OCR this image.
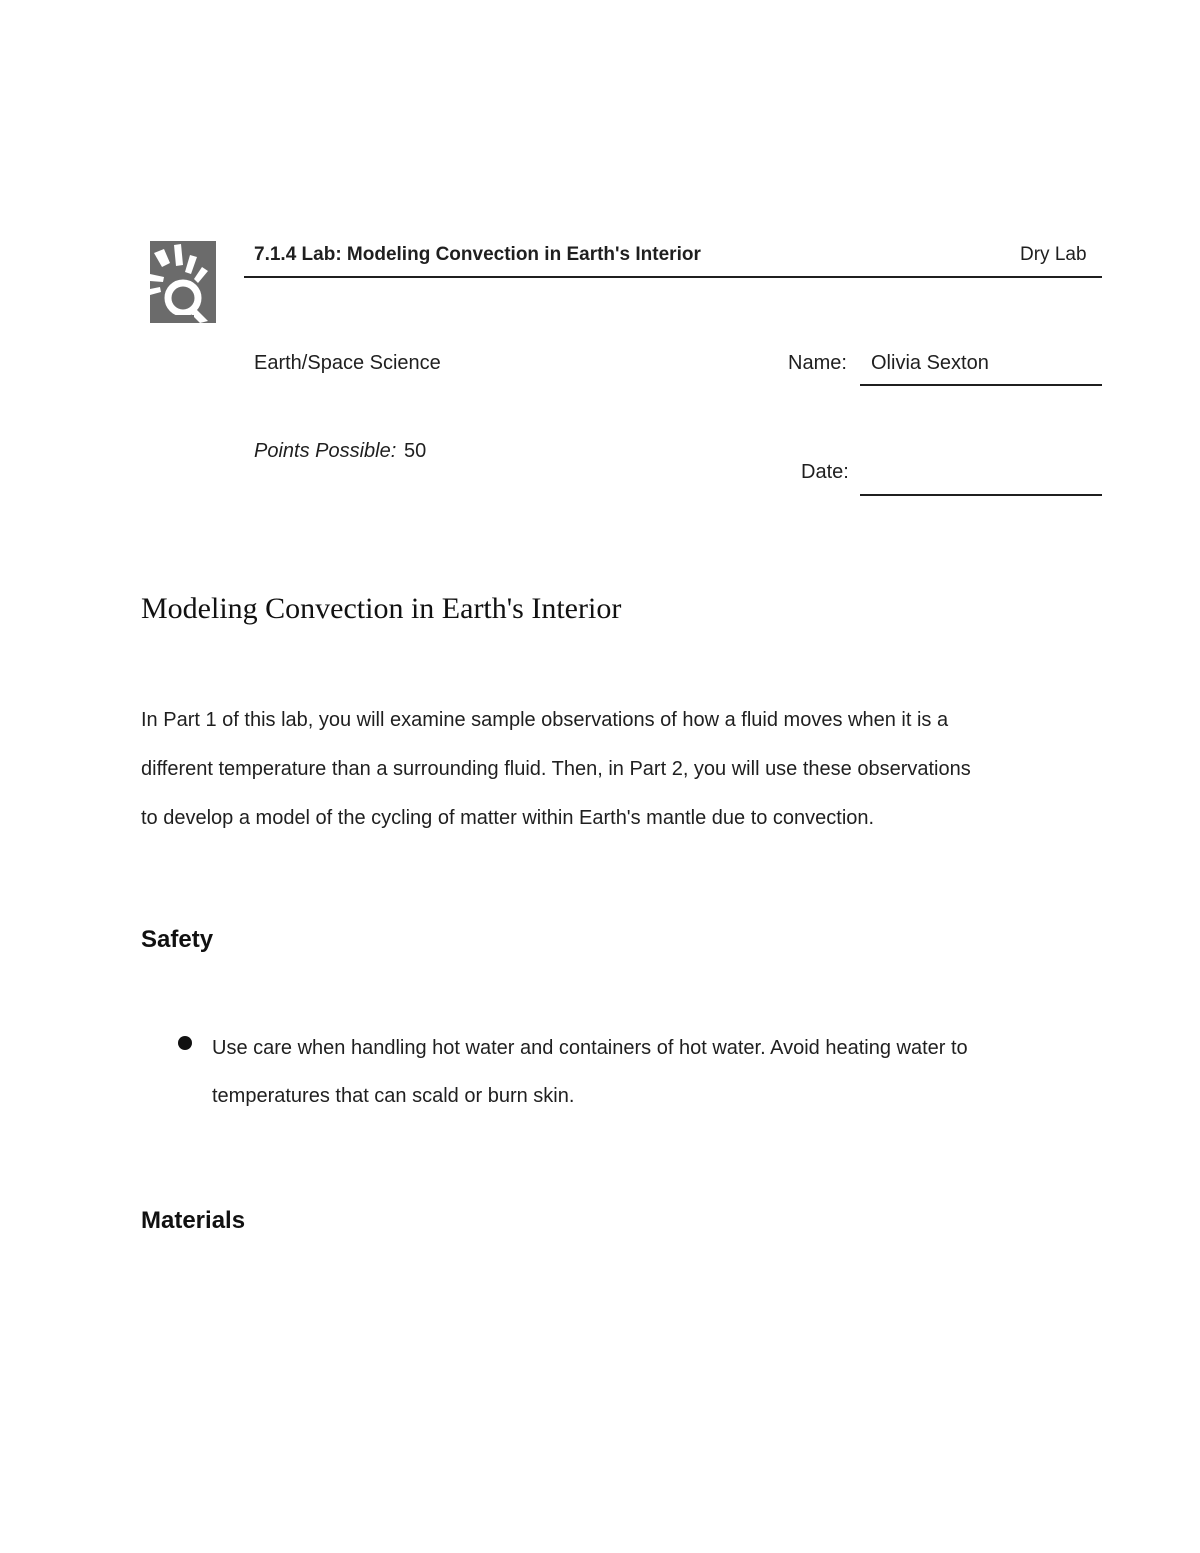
7.1.4 Lab: Modeling Convection in Earth's Interior	Dry Lab
Earth/Space Science
Points Possible: 50
Name: Olivia Sexton
Date:
Modeling Convection in Earth's Interior
In Part 1 of this lab, you will examine sample observations of how a fluid moves when it is a
different temperature than a surrounding fluid. Then, in Part 2, you will use these observations
to develop a model of the cycling of matter within Earth's mantle due to convection.
Safety
Use care when handling hot water and containers of hot water. Avoid heating water to
temperatures that can scald or burn skin.
Materials
